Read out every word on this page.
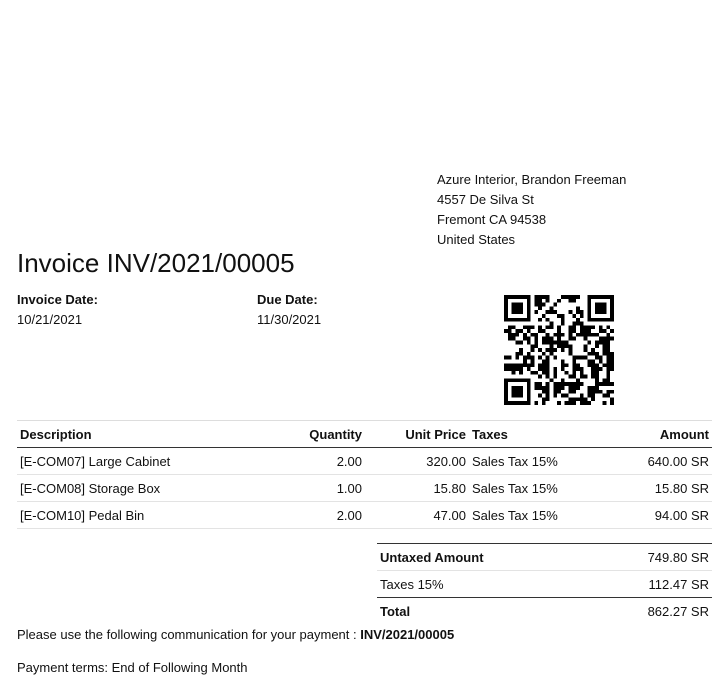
Azure Interior, Brandon Freeman
4557 De Silva St
Fremont CA 94538
United States
Invoice INV/2021/00005
Invoice Date:
10/21/2021
Due Date:
11/30/2021
Description	Quantity	Unit Price	Taxes	Amount
[E-COM07] Large Cabinet	2.00	320.00	Sales Tax 15%	640.00 SR
[E-COM08] Storage Box	1.00	15.80	Sales Tax 15%	15.80 SR
[E-COM10] Pedal Bin	2.00	47.00	Sales Tax 15%	94.00 SR
Untaxed Amount	749.80 SR
Taxes 15%	112.47 SR
Total	862.27 SR
Please use the following communication for your payment : INV/2021/00005
Payment terms: End of Following Month
